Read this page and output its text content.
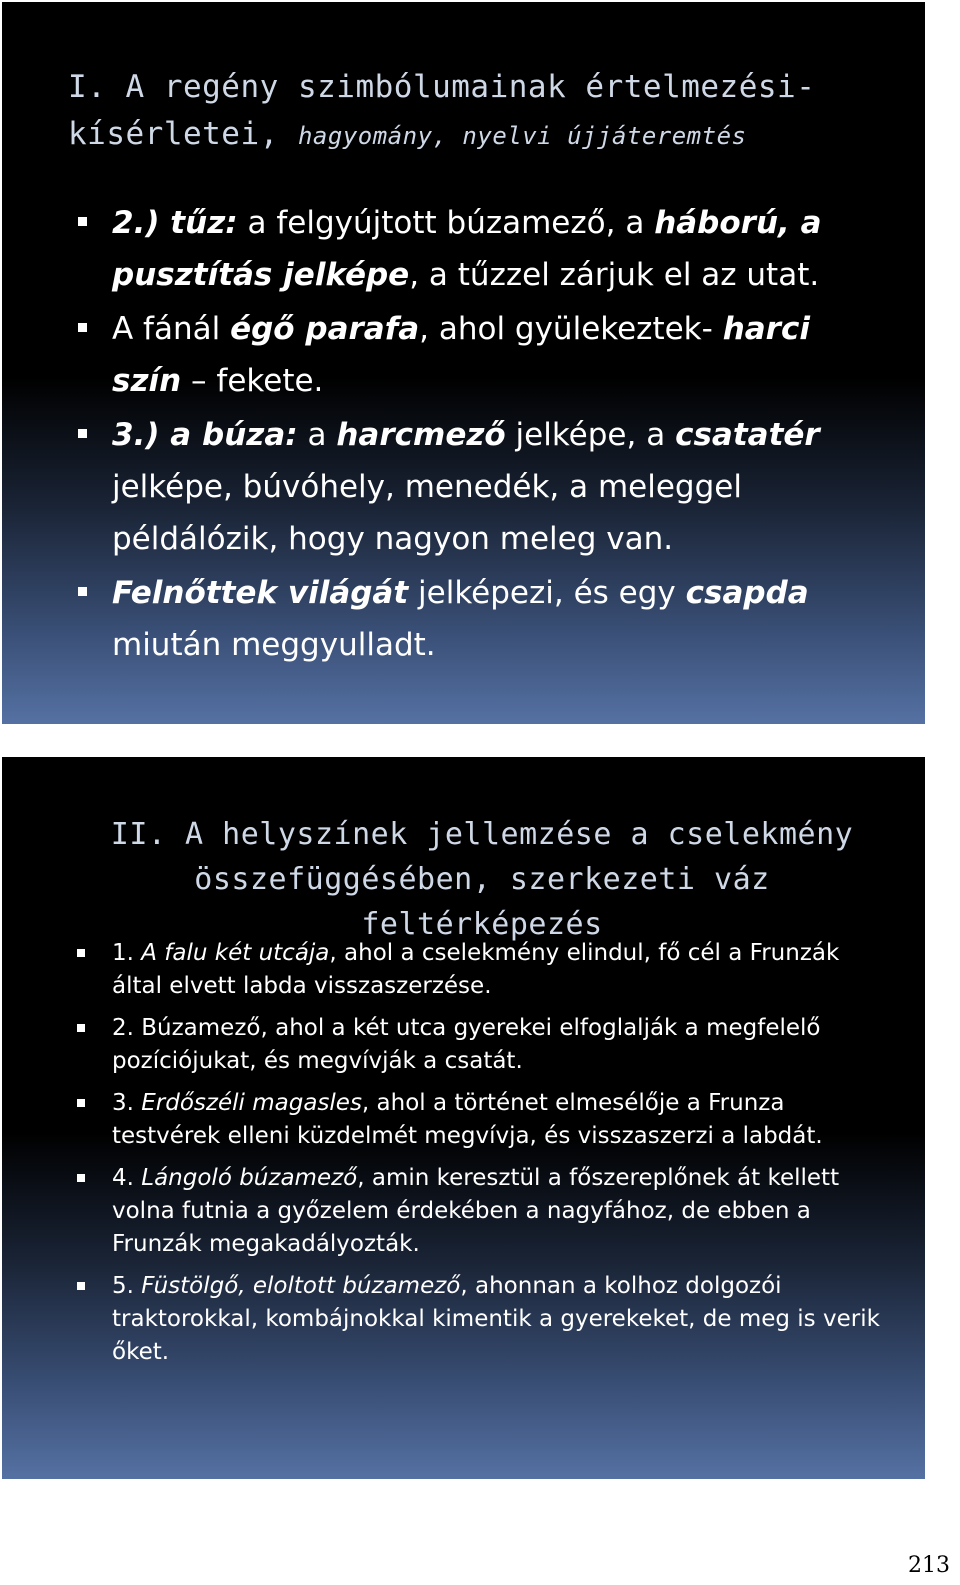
I. A regény szimbólumainak értelmezési-
kísérletei, hagyomány, nyelvi újjáteremtés
2.) tűz: a felgyújtott búzamező, a háború, a pusztítás jelképe, a tűzzel zárjuk el az utat.
A fánál égő parafa, ahol gyülekeztek- harci szín – fekete.
3.) a búza: a harcmező jelképe, a csatatér jelképe, búvóhely, menedék, a meleggel példálózik, hogy nagyon meleg van.
Felnőttek világát jelképezi, és egy csapda miután meggyulladt.
II. A helyszínek jellemzése a cselekmény
összefüggésében, szerkezeti váz
feltérképezés
1. A falu két utcája, ahol a cselekmény elindul, fő cél a Frunzák által elvett labda visszaszerzése.
2. Búzamező, ahol a két utca gyerekei elfoglalják a megfelelő pozíciójukat, és megvívják a csatát.
3. Erdőszéli magasles, ahol a történet elmesélője a Frunza testvérek elleni küzdelmét megvívja, és visszaszerzi a labdát.
4. Lángoló búzamező, amin keresztül a főszereplőnek át kellett volna futnia a győzelem érdekében a nagyfához, de ebben a Frunzák megakadályozták.
5. Füstölgő, eloltott búzamező, ahonnan a kolhoz dolgozói traktorokkal, kombájnokkal kimentik a gyerekeket, de meg is verik őket.
213
